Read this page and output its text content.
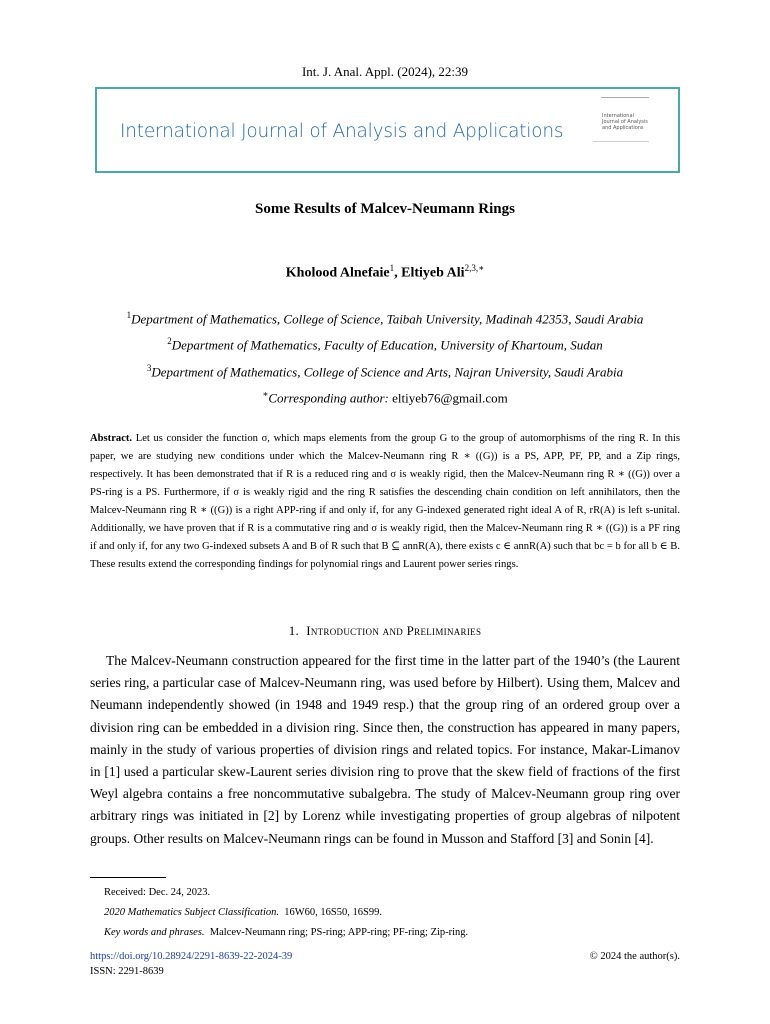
Int. J. Anal. Appl. (2024), 22:39
International Journal of Analysis and Applications
International
Journal of Analysis
and Applications
Some Results of Malcev-Neumann Rings
Kholood Alnefaie$^1$, Eltiyeb Ali$^{2,3,∗}$
$^1$Department of Mathematics, College of Science, Taibah University, Madinah 42353, Saudi Arabia
$^2$Department of Mathematics, Faculty of Education, University of Khartoum, Sudan
$^3$Department of Mathematics, College of Science and Arts, Najran University, Saudi Arabia
∗Corresponding author: eltiyeb76@gmail.com
Abstract. Let us consider the function σ, which maps elements from the group G to the group of automorphisms of the ring R. In this paper, we are studying new conditions under which the Malcev-Neumann ring R ∗ ((G)) is a PS, APP, PF, PP, and a Zip rings, respectively. It has been demonstrated that if R is a reduced ring and σ is weakly rigid, then the Malcev-Neumann ring R ∗ ((G)) over a PS-ring is a PS. Furthermore, if σ is weakly rigid and the ring R satisfies the descending chain condition on left annihilators, then the Malcev-Neumann ring R ∗ ((G)) is a right APP-ring if and only if, for any G-indexed generated right ideal A of R, rR(A) is left s-unital. Additionally, we have proven that if R is a commutative ring and σ is weakly rigid, then the Malcev-Neumann ring R ∗ ((G)) is a PF ring if and only if, for any two G-indexed subsets A and B of R such that B ⊆ annR(A), there exists c ∈ annR(A) such that bc = b for all b ∈ B. These results extend the corresponding findings for polynomial rings and Laurent power series rings.
1. Introduction and Preliminaries
The Malcev-Neumann construction appeared for the first time in the latter part of the 1940’s (the Laurent series ring, a particular case of Malcev-Neumann ring, was used before by Hilbert). Using them, Malcev and Neumann independently showed (in 1948 and 1949 resp.) that the group ring of an ordered group over a division ring can be embedded in a division ring. Since then, the construction has appeared in many papers, mainly in the study of various properties of division rings and related topics. For instance, Makar-Limanov in [1] used a particular skew-Laurent series division ring to prove that the skew field of fractions of the first Weyl algebra contains a free noncommutative subalgebra. The study of Malcev-Neumann group ring over arbitrary rings was initiated in [2] by Lorenz while investigating properties of group algebras of nilpotent groups. Other results on Malcev-Neumann rings can be found in Musson and Stafford [3] and Sonin [4].
Received: Dec. 24, 2023.
2020 Mathematics Subject Classification. 16W60, 16S50, 16S99.
Key words and phrases. Malcev-Neumann ring; PS-ring; APP-ring; PF-ring; Zip-ring.
https://doi.org/10.28924/2291-8639-22-2024-39
ISSN: 2291-8639
© 2024 the author(s).
